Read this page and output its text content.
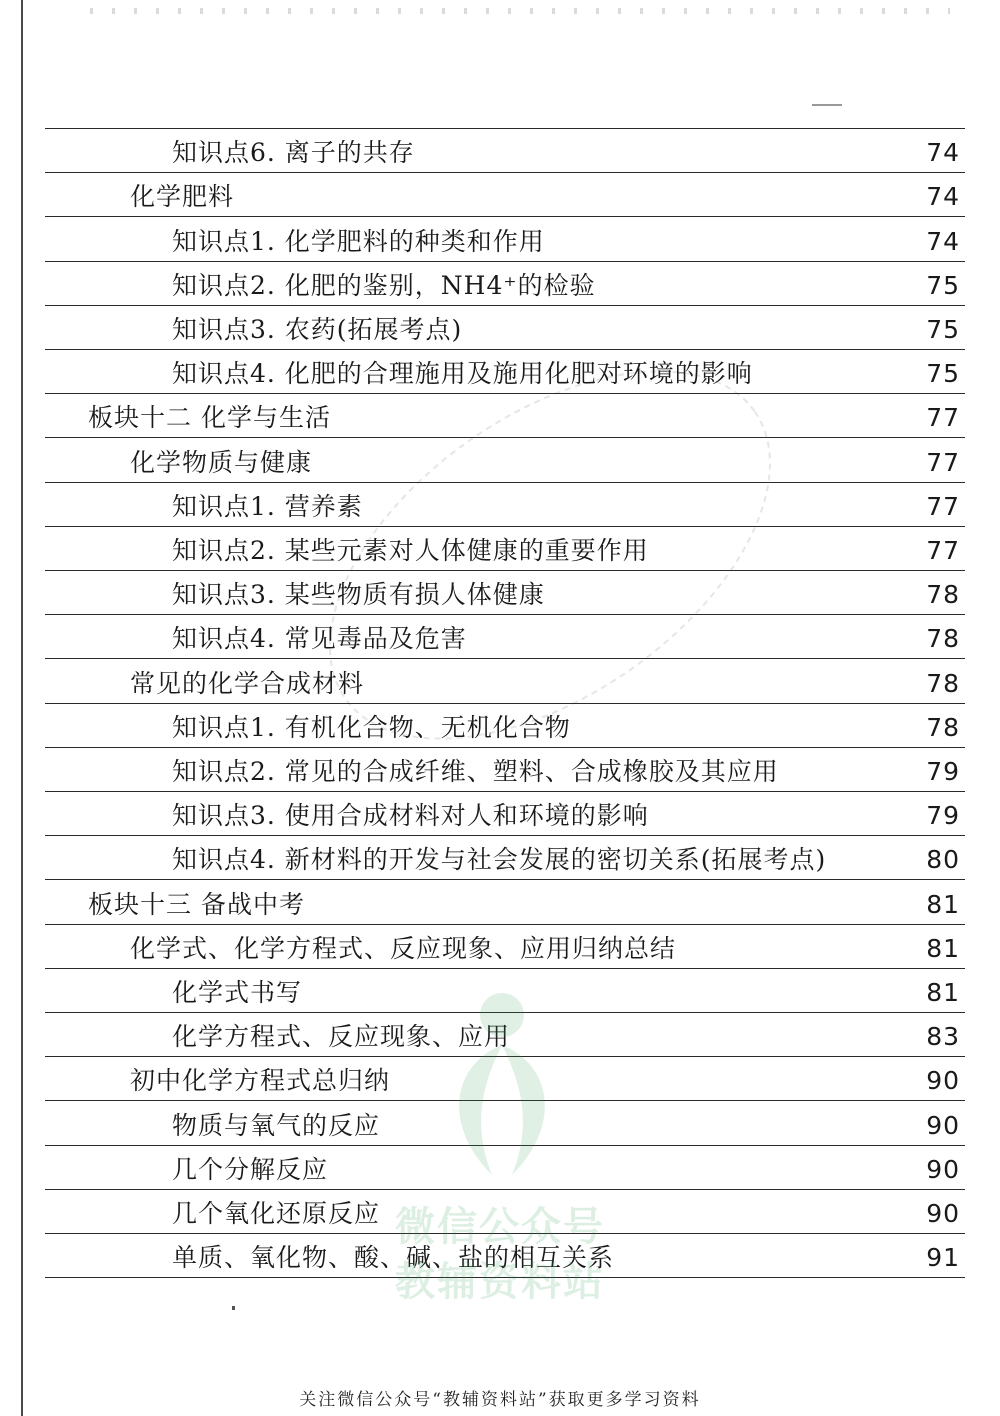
知识点6. 离子的共存	74
化学肥料	74
知识点1. 化学肥料的种类和作用	74
知识点2. 化肥的鉴别，NH4⁺的检验	75
知识点3. 农药(拓展考点)	75
知识点4. 化肥的合理施用及施用化肥对环境的影响	75
板块十二 化学与生活	77
化学物质与健康	77
知识点1. 营养素	77
知识点2. 某些元素对人体健康的重要作用	77
知识点3. 某些物质有损人体健康	78
知识点4. 常见毒品及危害	78
常见的化学合成材料	78
知识点1. 有机化合物、无机化合物	78
知识点2. 常见的合成纤维、塑料、合成橡胶及其应用	79
知识点3. 使用合成材料对人和环境的影响	79
知识点4. 新材料的开发与社会发展的密切关系(拓展考点)	80
板块十三 备战中考	81
化学式、化学方程式、反应现象、应用归纳总结	81
化学式书写	81
化学方程式、反应现象、应用	83
初中化学方程式总归纳	90
物质与氧气的反应	90
几个分解反应	90
几个氧化还原反应	90
单质、氧化物、酸、碱、盐的相互关系	91
微信公众号
教辅资料站
关注微信公众号“教辅资料站”获取更多学习资料
